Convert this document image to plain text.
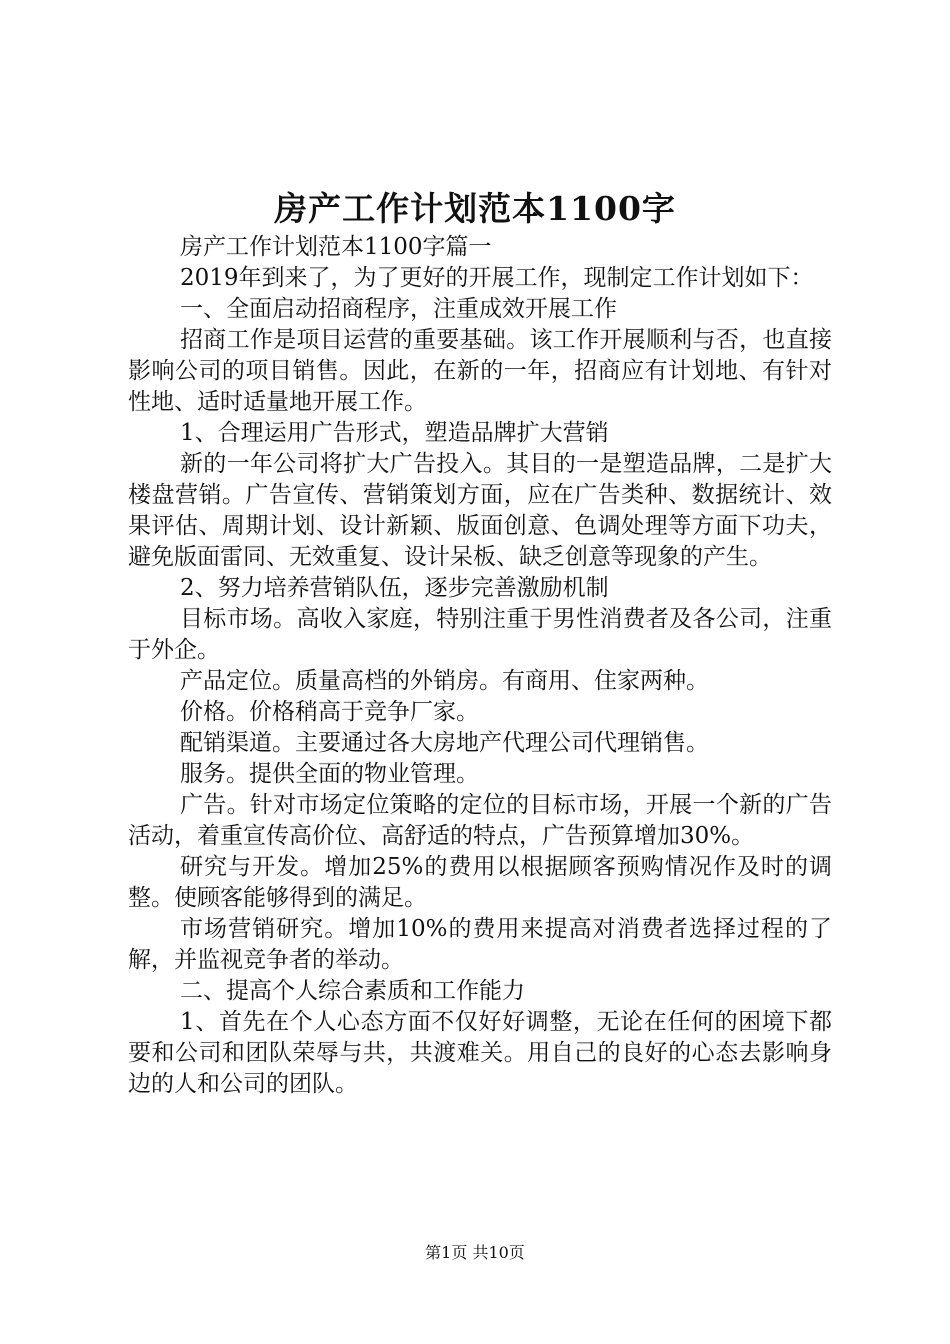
房产工作计划范本1100字

房产工作计划范本1100字篇一

2019年到来了，为了更好的开展工作，现制定工作计划如下：

一、全面启动招商程序，注重成效开展工作

招商工作是项目运营的重要基础。该工作开展顺利与否，也直接影响公司的项目销售。因此，在新的一年，招商应有计划地、有针对性地、适时适量地开展工作。

1、合理运用广告形式，塑造品牌扩大营销

新的一年公司将扩大广告投入。其目的一是塑造品牌，二是扩大楼盘营销。广告宣传、营销策划方面，应在广告类种、数据统计、效果评估、周期计划、设计新颖、版面创意、色调处理等方面下功夫，避免版面雷同、无效重复、设计呆板、缺乏创意等现象的产生。

2、努力培养营销队伍，逐步完善激励机制

目标市场。高收入家庭，特别注重于男性消费者及各公司，注重于外企。

产品定位。质量高档的外销房。有商用、住家两种。

价格。价格稍高于竞争厂家。

配销渠道。主要通过各大房地产代理公司代理销售。

服务。提供全面的物业管理。

广告。针对市场定位策略的定位的目标市场，开展一个新的广告活动，着重宣传高价位、高舒适的特点，广告预算增加30%。

研究与开发。增加25%的费用以根据顾客预购情况作及时的调整。使顾客能够得到的满足。

市场营销研究。增加10%的费用来提高对消费者选择过程的了解，并监视竞争者的举动。

二、提高个人综合素质和工作能力

1、首先在个人心态方面不仅好好调整，无论在任何的困境下都要和公司和团队荣辱与共，共渡难关。用自己的良好的心态去影响身边的人和公司的团队。

第1页 共10页
